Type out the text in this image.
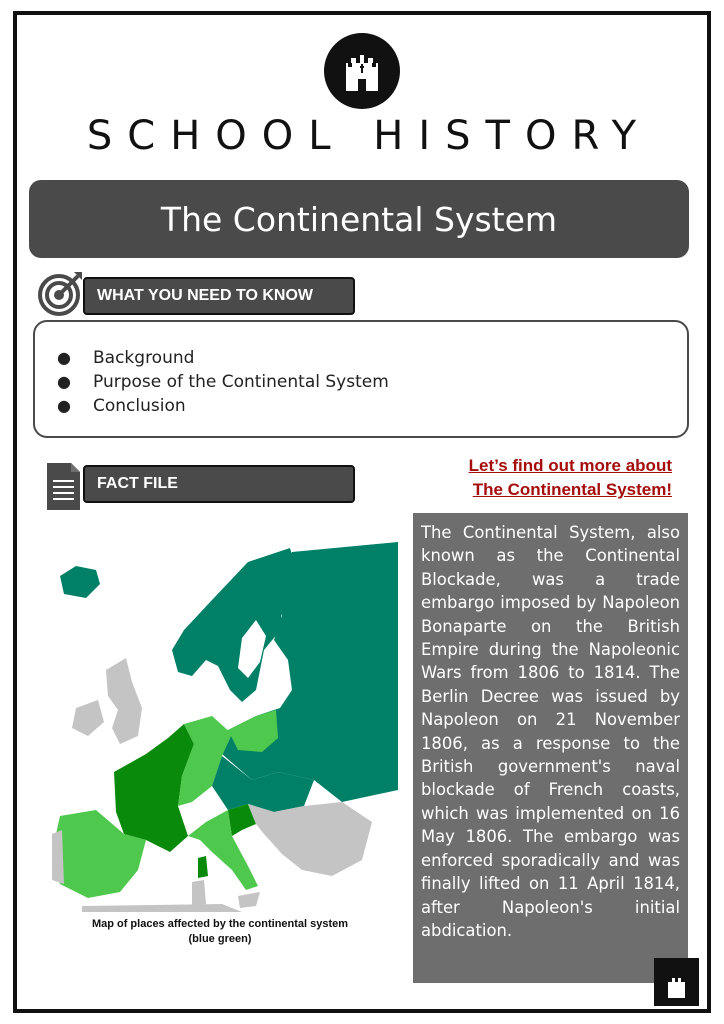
SCHOOL HISTORY
The Continental System
WHAT YOU NEED TO KNOW
●	Background
●	Purpose of the Continental System
●	Conclusion
FACT FILE
Let’s find out more about
The Continental System!
The Continental System, also known as the Continental Blockade, was a trade embargo imposed by Napoleon Bonaparte on the British Empire during the Napoleonic Wars from 1806 to 1814. The Berlin Decree was issued by Napoleon on 21 November 1806, as a response to the British government's naval blockade of French coasts, which was implemented on 16 May 1806. The embargo was enforced sporadically and was finally lifted on 11 April 1814, after Napoleon's initial abdication.
Map of places affected by the continental system
(blue green)
